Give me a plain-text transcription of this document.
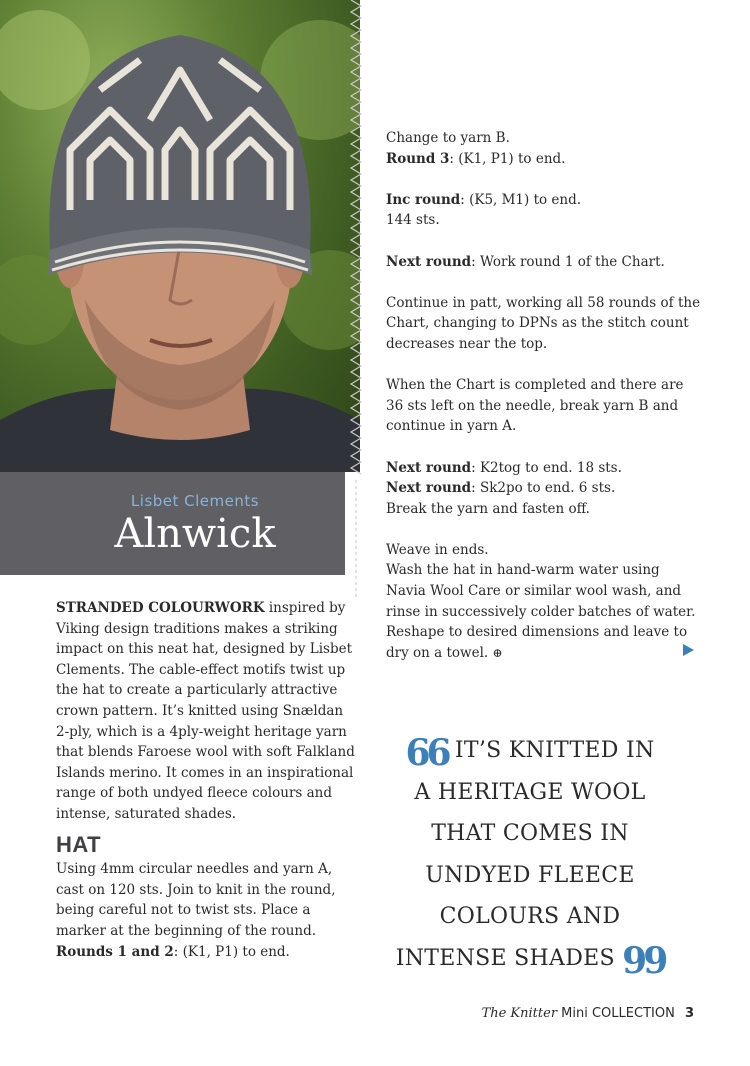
Lisbet Clements
Alnwick

STRANDED COLOURWORK inspired by Viking design traditions makes a striking impact on this neat hat, designed by Lisbet Clements. The cable-effect motifs twist up the hat to create a particularly attractive crown pattern. It’s knitted using Snældan 2-ply, which is a 4ply-weight heritage yarn that blends Faroese wool with soft Falkland Islands merino. It comes in an inspirational range of both undyed fleece colours and intense, saturated shades.

HAT

Using 4mm circular needles and yarn A, cast on 120 sts. Join to knit in the round, being careful not to twist sts. Place a marker at the beginning of the round.

Rounds 1 and 2: (K1, P1) to end.

Change to yarn B.

Round 3: (K1, P1) to end.

Inc round: (K5, M1) to end.

144 sts.

Next round: Work round 1 of the Chart.

Continue in patt, working all 58 rounds of the Chart, changing to DPNs as the stitch count decreases near the top.

When the Chart is completed and there are 36 sts left on the needle, break yarn B and continue in yarn A.

Next round: K2tog to end. 18 sts.

Next round: Sk2po to end. 6 sts.

Break the yarn and fasten off.

Weave in ends.

Wash the hat in hand-warm water using Navia Wool Care or similar wool wash, and rinse in successively colder batches of water. Reshape to desired dimensions and leave to dry on a towel. ⊕

66 IT’S KNITTED IN
A HERITAGE WOOL
THAT COMES IN
UNDYED FLEECE
COLOURS AND
INTENSE SHADES 99
The Knitter Mini COLLECTION 3
